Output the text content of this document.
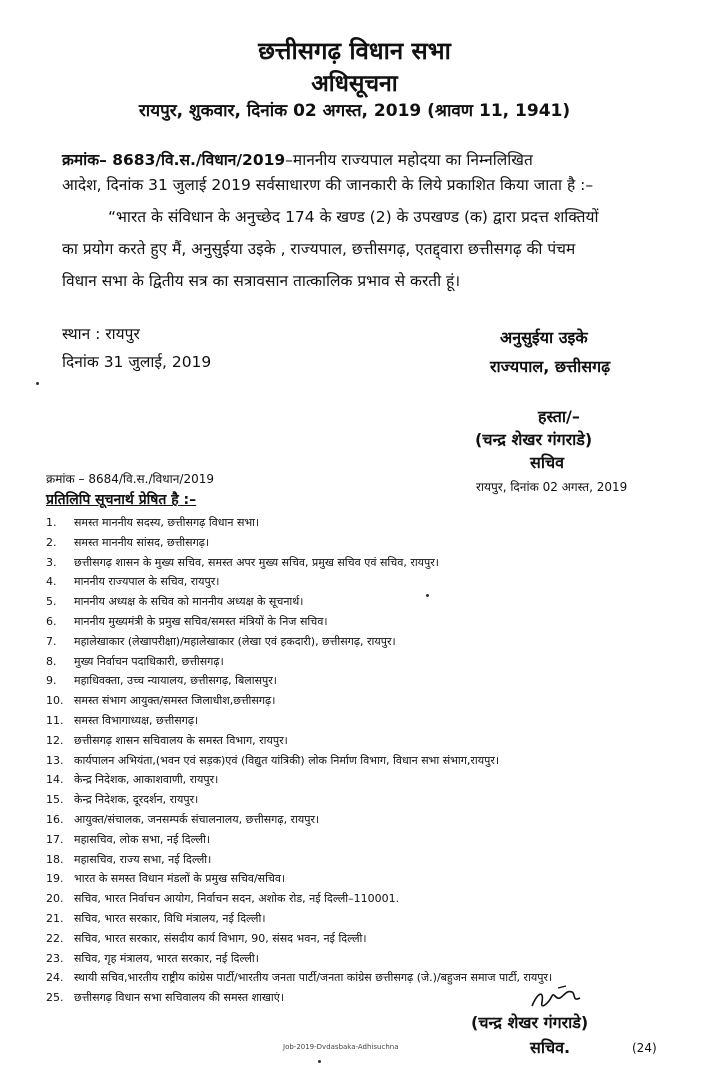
छत्तीसगढ़ विधान सभा

अधिसूचना

रायपुर, शुकवार, दिनांक 02 अगस्त, 2019 (श्रावण 11, 1941)

क्रमांक– 8683/वि.स./विधान/2019–माननीय राज्यपाल महोदया का निम्नलिखित

आदेश, दिनांक 31 जुलाई 2019 सर्वसाधारण की जानकारी के लिये प्रकाशित किया जाता है :–

“भारत के संविधान के अनुच्छेद 174 के खण्ड (2) के उपखण्ड (क) द्वारा प्रदत्त शक्तियों

का प्रयोग करते हुए मैं, अनुसुईया उइके , राज्यपाल, छत्तीसगढ़, एतद्द्वारा छत्तीसगढ़ की पंचम

विधान सभा के द्वितीय सत्र का सत्रावसान तात्कालिक प्रभाव से करती हूं।

स्थान : रायपुर

दिनांक 31 जुलाई, 2019

अनुसुईया उइके

राज्यपाल, छत्तीसगढ़

हस्ता/–

(चन्द्र शेखर गंगराडे)

सचिव

क्रमांक – 8684/वि.स./विधान/2019

रायपुर, दिनांक 02 अगस्त, 2019

प्रतिलिपि सूचनार्थ प्रेषित है :–

1.	समस्त माननीय सदस्य, छत्तीसगढ़ विधान सभा।
2.	समस्त माननीय सांसद, छत्तीसगढ़।
3.	छत्तीसगढ़ शासन के मुख्य सचिव, समस्त अपर मुख्य सचिव, प्रमुख सचिव एवं सचिव, रायपुर।
4.	माननीय राज्यपाल के सचिव, रायपुर।
5.	माननीय अध्यक्ष के सचिव को माननीय अध्यक्ष के सूचनार्थ।
6.	माननीय मुख्यमंत्री के प्रमुख सचिव/समस्त मंत्रियों के निज सचिव।
7.	महालेखाकार (लेखापरीक्षा)/महालेखाकार (लेखा एवं हकदारी), छत्तीसगढ़, रायपुर।
8.	मुख्य निर्वाचन पदाधिकारी, छत्तीसगढ़।
9.	महाधिवक्ता, उच्च न्यायालय, छत्तीसगढ़, बिलासपुर।
10. समस्त संभाग आयुक्त/समस्त जिलाधीश,छत्तीसगढ़।
11. समस्त विभागाध्यक्ष, छत्तीसगढ़।
12. छत्तीसगढ़ शासन सचिवालय के समस्त विभाग, रायपुर।
13. कार्यपालन अभियंता,(भवन एवं सड़क)एवं (विद्युत यांत्रिकी) लोक निर्माण विभाग, विधान सभा संभाग,रायपुर।
14. केन्द्र निदेशक, आकाशवाणी, रायपुर।
15. केन्द्र निदेशक, दूरदर्शन, रायपुर।
16. आयुक्त/संचालक, जनसम्पर्क संचालनालय, छत्तीसगढ़, रायपुर।
17. महासचिव, लोक सभा, नई दिल्ली।
18. महासचिव, राज्य सभा, नई दिल्ली।
19. भारत के समस्त विधान मंडलों के प्रमुख सचिव/सचिव।
20. सचिव, भारत निर्वाचन आयोग, निर्वाचन सदन, अशोक रोड, नई दिल्ली–110001.
21. सचिव, भारत सरकार, विधि मंत्रालय, नई दिल्ली।
22. सचिव, भारत सरकार, संसदीय कार्य विभाग, 90, संसद भवन, नई दिल्ली।
23. सचिव, गृह मंत्रालय, भारत सरकार, नई दिल्ली।
24. स्थायी सचिव,भारतीय राष्ट्रीय कांग्रेस पार्टी/भारतीय जनता पार्टी/जनता कांग्रेस छत्तीसगढ़ (जे.)/बहुजन समाज पार्टी, रायपुर।
25. छत्तीसगढ़ विधान सभा सचिवालय की समस्त शाखाएं।

(चन्द्र शेखर गंगराडे)

सचिव.	(24)

Job-2019-Dvdasbaka-Adhisuchna
